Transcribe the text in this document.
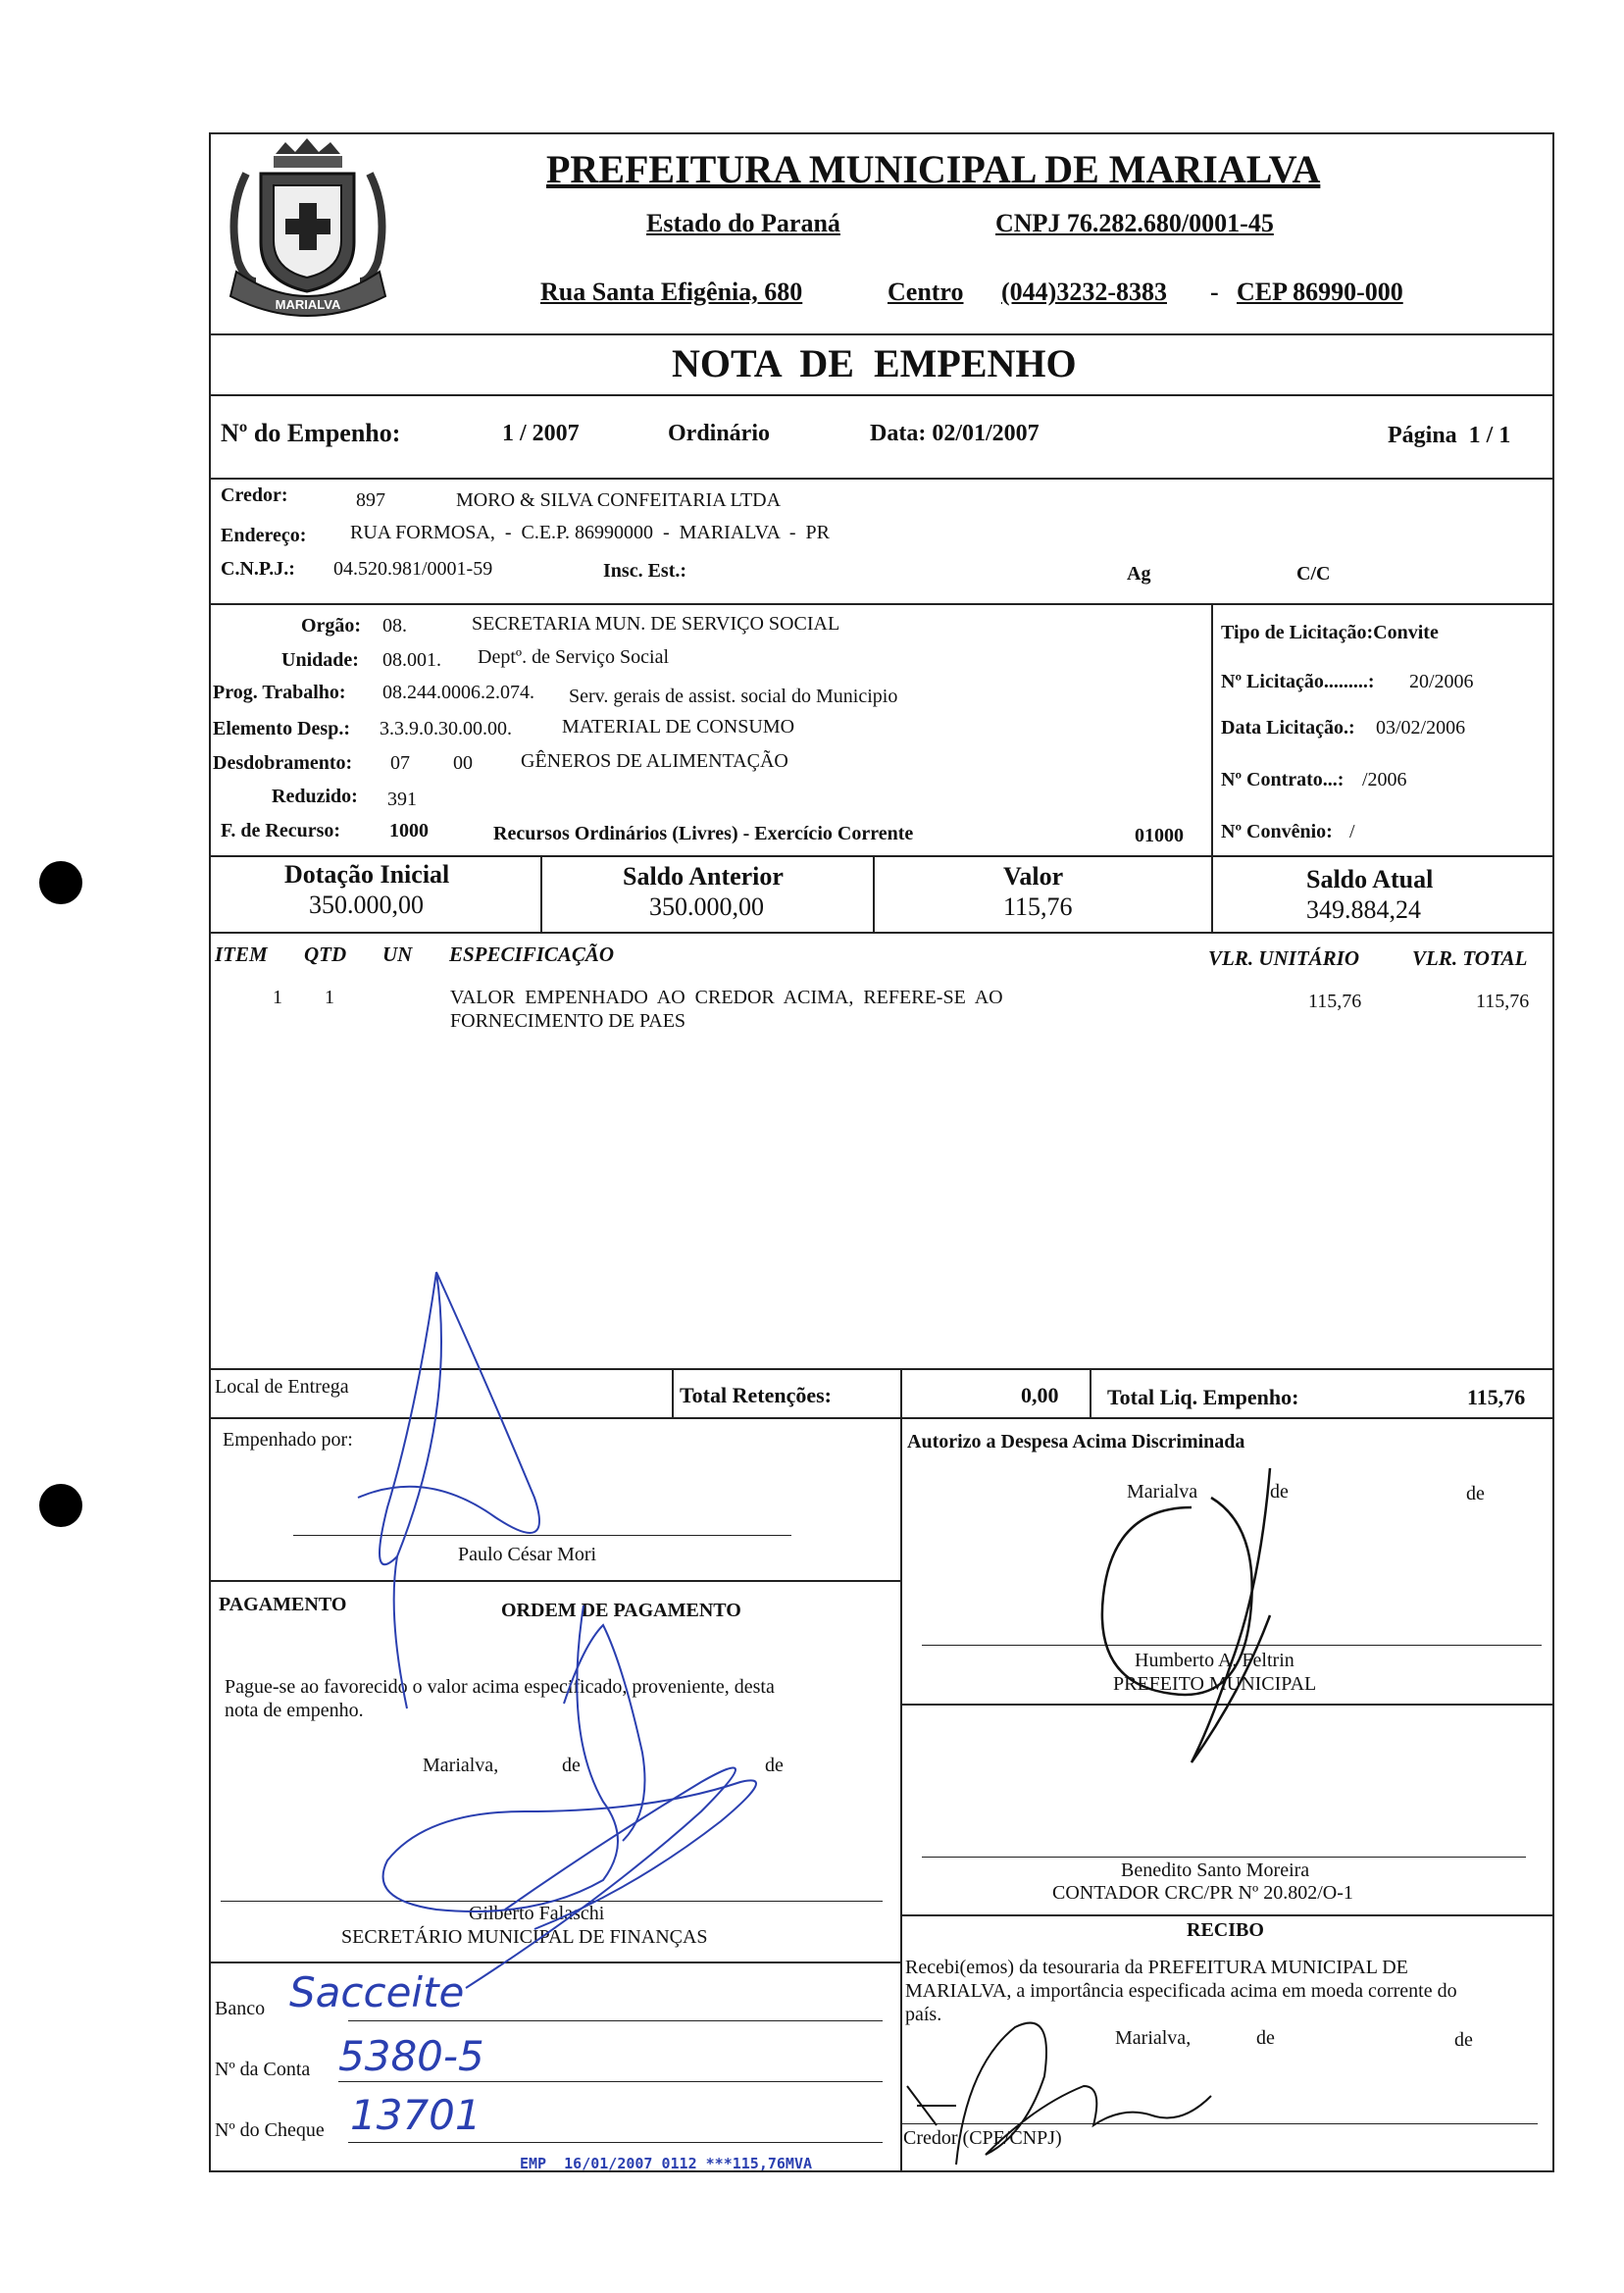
MARIALVA
PREFEITURA MUNICIPAL DE MARIALVA
Estado do Paraná	CNPJ 76.282.680/0001-45
Rua Santa Efigênia, 680	Centro (044)3232-8383 - CEP 86990-000
NOTA  DE  EMPENHO
Nº do Empenho:	1 / 2007	Ordinário	Data: 02/01/2007	Página  1 / 1
Credor:	897	MORO & SILVA CONFEITARIA LTDA
Endereço: RUA FORMOSA,  -  C.E.P. 86990000  -  MARIALVA  -  PR
C.N.P.J.: 04.520.981/0001-59	Insc. Est.:	Ag	C/C
Orgão: 08.	SECRETARIA MUN. DE SERVIÇO SOCIAL
Unidade: 08.001. Deptº. de Serviço Social
Prog. Trabalho: 08.244.0006.2.074. Serv. gerais de assist. social do Municipio
Elemento Desp.: 3.3.9.0.30.00.00.	MATERIAL DE CONSUMO
Desdobramento: 07 00 GÊNEROS DE ALIMENTAÇÃO
Reduzido: 391
F. de Recurso: 1000	Recursos Ordinários (Livres) - Exercício Corrente	01000
Tipo de Licitação:Convite
Nº Licitação.........: 20/2006
Data Licitação.: 03/02/2006
Nº Contrato...: /2006
Nº Convênio: /
Dotação Inicial
350.000,00
Saldo Anterior
350.000,00
Valor
115,76
Saldo Atual
349.884,24
ITEM QTD UN ESPECIFICAÇÃO	VLR. UNITÁRIO	VLR. TOTAL
1 1	VALOR  EMPENHADO  AO  CREDOR  ACIMA,  REFERE-SE  AO
FORNECIMENTO DE PAES
115,76	115,76
Local de Entrega	Total Retenções:	0,00 Total Liq. Empenho:	115,76
Empenhado por:
Paulo César Mori
PAGAMENTO	ORDEM DE PAGAMENTO
Pague-se ao favorecido o valor acima especificado, proveniente, desta
nota de empenho.
Marialva,	de	de
Gilberto Falaschi
SECRETÁRIO MUNICIPAL DE FINANÇAS
Banco Sacceite
Nº da Conta 5380-5
Nº do Cheque 13701
Autorizo a Despesa Acima Discriminada
Marialva	de	de
Humberto A. Feltrin
PREFEITO MUNICIPAL
Benedito Santo Moreira
CONTADOR CRC/PR Nº 20.802/O-1
RECIBO
Recebi(emos) da tesouraria da PREFEITURA MUNICIPAL DE
MARIALVA, a importância especificada acima em moeda corrente do
país.
Marialva,	de	de
Credor (CPF/CNPJ)
EMP  16/01/2007 0112 ***115,76MVA
